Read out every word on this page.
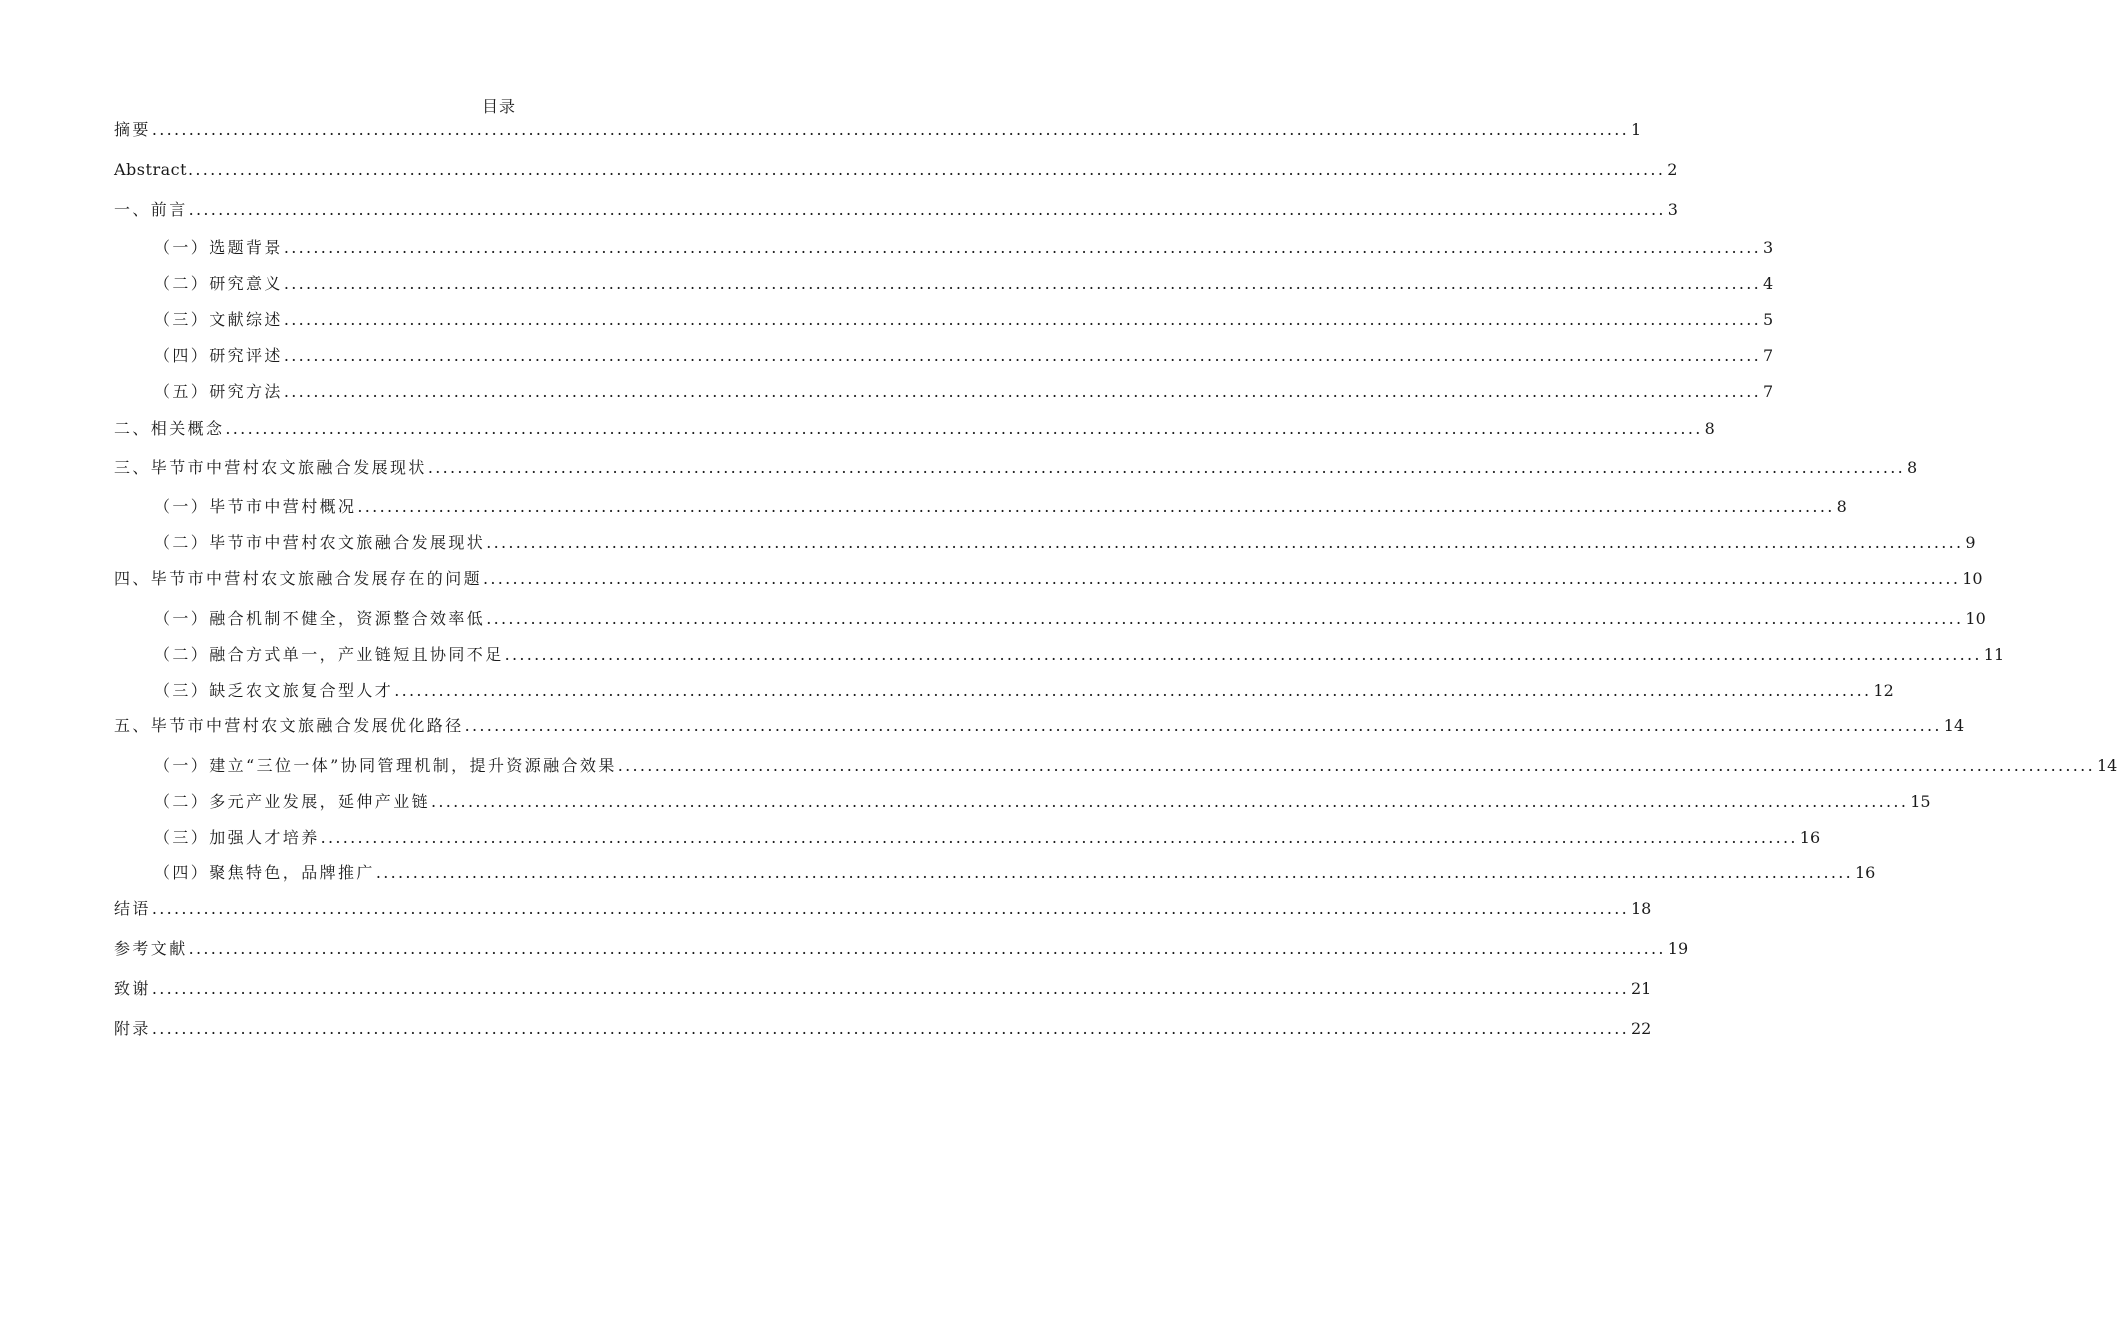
目录
摘要 ........................................................................................................................................................................................................ 1
Abstract ........................................................................................................................................................................................................ 2
一、前言 ........................................................................................................................................................................................................ 3
（一）选题背景 ........................................................................................................................................................................................................ 3
（二）研究意义 ........................................................................................................................................................................................................ 4
（三）文献综述 ........................................................................................................................................................................................................ 5
（四）研究评述 ........................................................................................................................................................................................................ 7
（五）研究方法 ........................................................................................................................................................................................................ 7
二、相关概念 ........................................................................................................................................................................................................ 8
三、毕节市中营村农文旅融合发展现状 ........................................................................................................................................................................................................ 8
（一）毕节市中营村概况 ........................................................................................................................................................................................................ 8
（二）毕节市中营村农文旅融合发展现状 ........................................................................................................................................................................................................ 9
四、毕节市中营村农文旅融合发展存在的问题 ........................................................................................................................................................................................................ 10
（一）融合机制不健全，资源整合效率低 ........................................................................................................................................................................................................ 10
（二）融合方式单一，产业链短且协同不足 ........................................................................................................................................................................................................ 11
（三）缺乏农文旅复合型人才 ........................................................................................................................................................................................................ 12
五、毕节市中营村农文旅融合发展优化路径 ........................................................................................................................................................................................................ 14
（一）建立“三位一体”协同管理机制，提升资源融合效果 ........................................................................................................................................................................................................ 14
（二）多元产业发展，延伸产业链 ........................................................................................................................................................................................................ 15
（三）加强人才培养 ........................................................................................................................................................................................................ 16
（四）聚焦特色，品牌推广 ........................................................................................................................................................................................................ 16
结语 ........................................................................................................................................................................................................ 18
参考文献 ........................................................................................................................................................................................................ 19
致谢 ........................................................................................................................................................................................................ 21
附录 ........................................................................................................................................................................................................ 22
